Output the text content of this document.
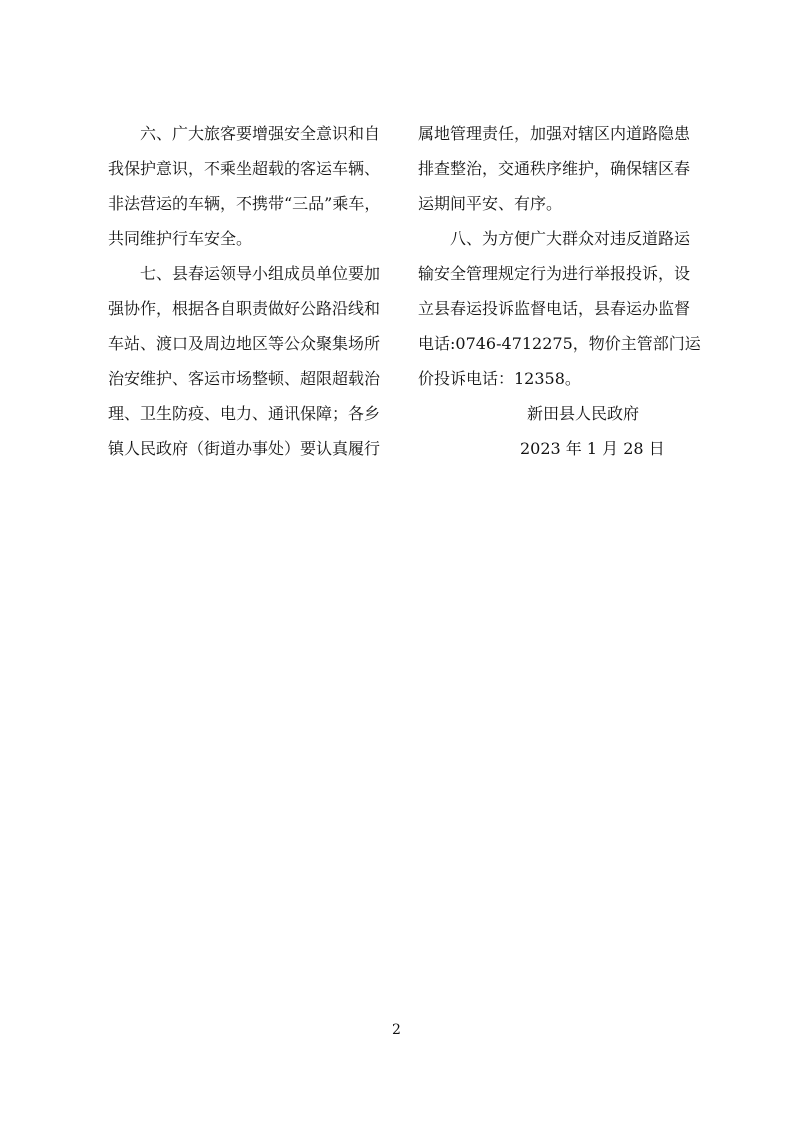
六、广大旅客要增强安全意识和自
我保护意识，不乘坐超载的客运车辆、
非法营运的车辆，不携带“三品”乘车，
共同维护行车安全。
七、县春运领导小组成员单位要加
强协作，根据各自职责做好公路沿线和
车站、渡口及周边地区等公众聚集场所
治安维护、客运市场整顿、超限超载治
理、卫生防疫、电力、通讯保障；各乡
镇人民政府（街道办事处）要认真履行
属地管理责任，加强对辖区内道路隐患
排查整治，交通秩序维护，确保辖区春
运期间平安、有序。
八、为方便广大群众对违反道路运
输安全管理规定行为进行举报投诉，设
立县春运投诉监督电话，县春运办监督
电话:0746-4712275，物价主管部门运
价投诉电话：12358。
新田县人民政府
2023 年 1 月 28 日
2
